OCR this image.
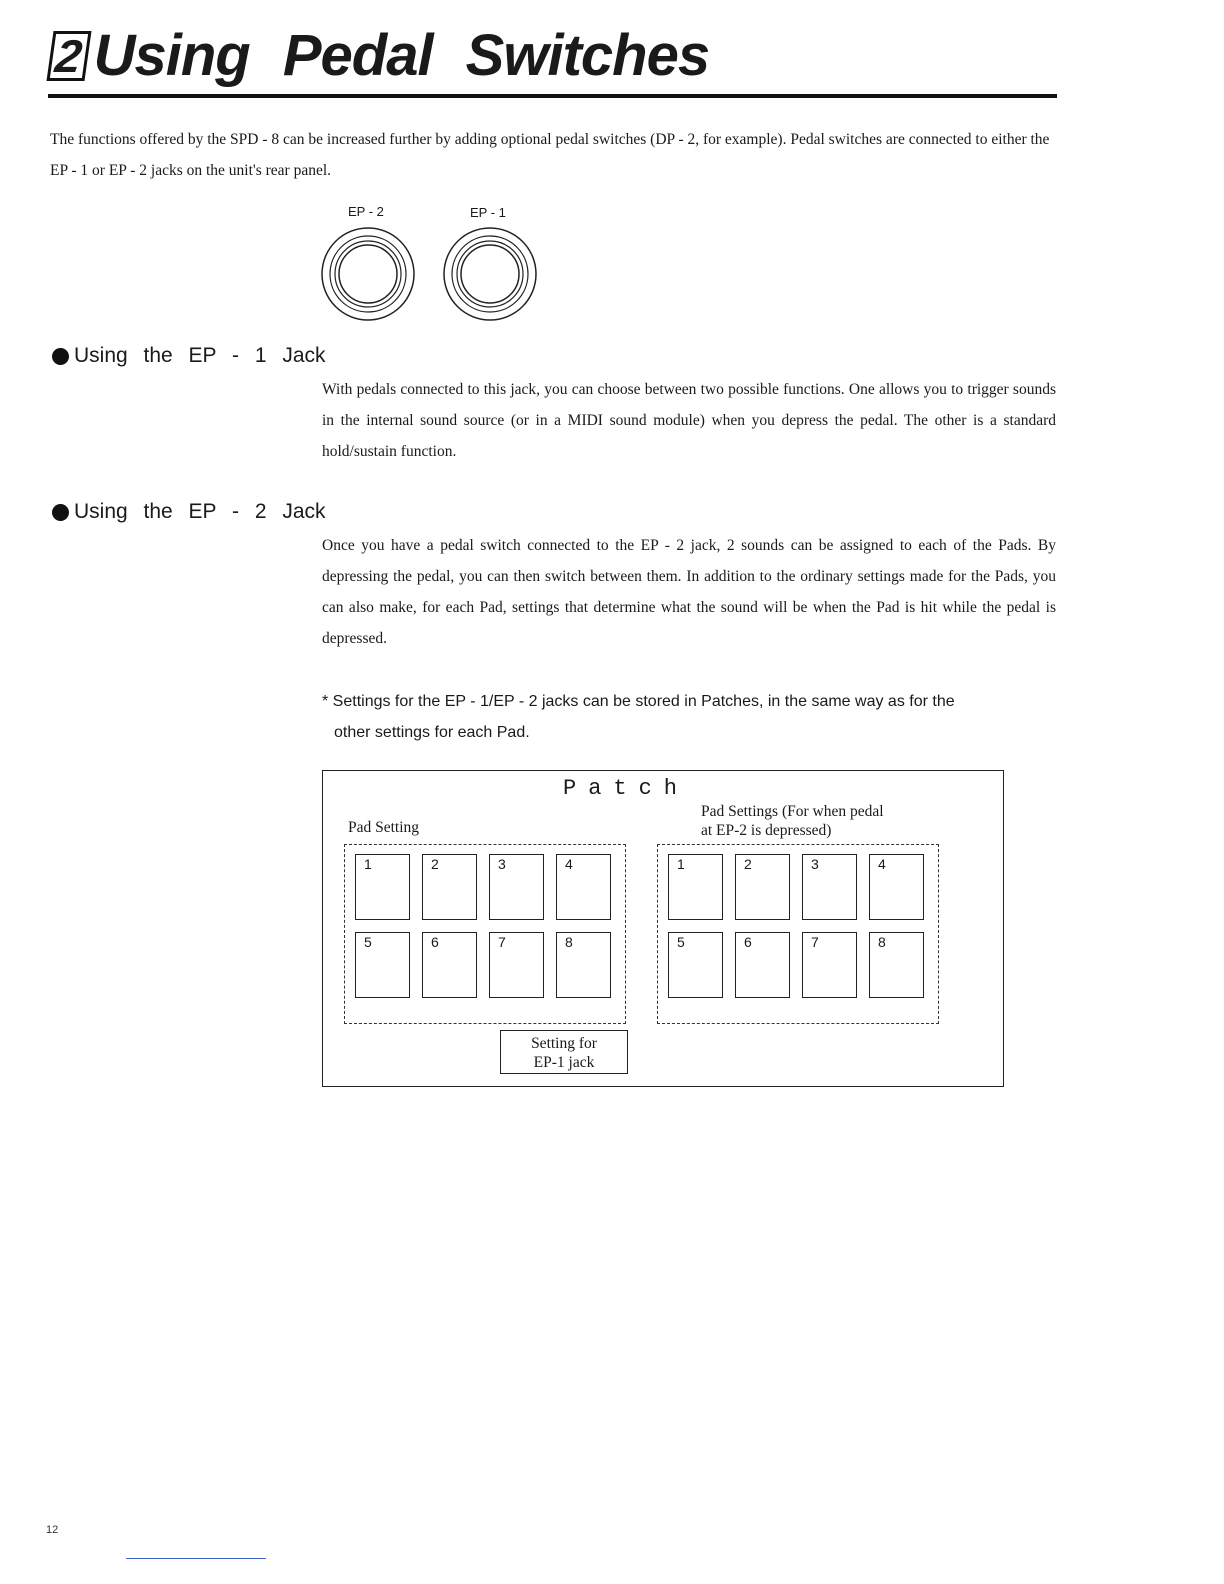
2 Using Pedal Switches

The functions offered by the SPD - 8 can be increased further by adding optional pedal switches (DP - 2, for example). Pedal switches are connected to either the EP - 1 or EP - 2 jacks on the unit's rear panel.

EP - 2	EP - 1
Using the EP - 1 Jack

With pedals connected to this jack, you can choose between two possible functions. One allows you to trigger sounds in the internal sound source (or in a MIDI sound module) when you depress the pedal. The other is a standard hold/sustain function.

Using the EP - 2 Jack

Once you have a pedal switch connected to the EP - 2 jack, 2 sounds can be assigned to each of the Pads. By depressing the pedal, you can then switch between them. In addition to the ordinary settings made for the Pads, you can also make, for each Pad, settings that determine what the sound will be when the Pad is hit while the pedal is depressed.

* Settings for the EP - 1/EP - 2 jacks can be stored in Patches, in the same way as for the

other settings for each Pad.
Patch
Pad Setting
Pad Settings (For when pedal
at EP-2 is depressed)
1	2	3	4
5	6	7	8
1	2	3	4
5	6	7	8
Setting for
EP-1 jack
12
